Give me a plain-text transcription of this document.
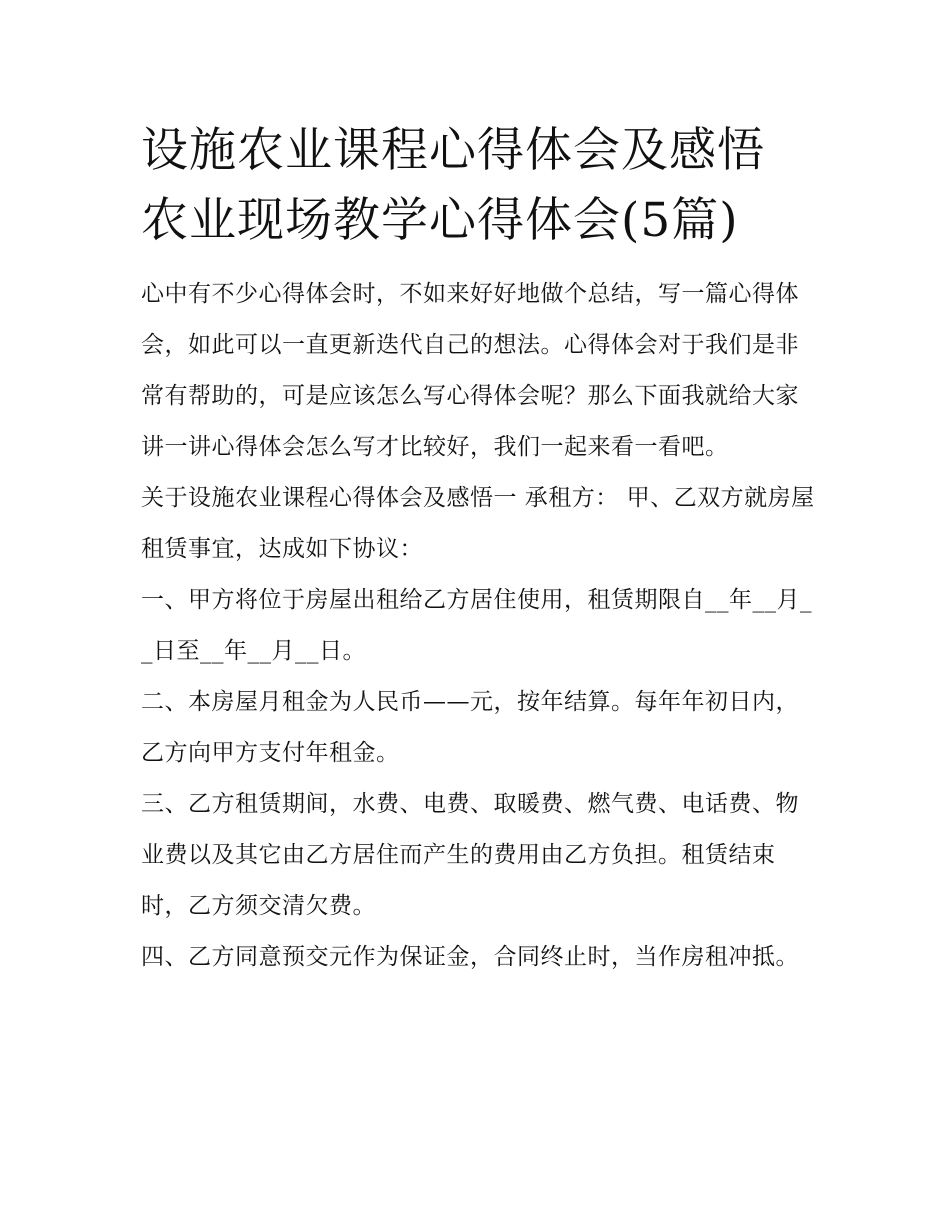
设施农业课程心得体会及感悟
农业现场教学心得体会(5篇)

心中有不少心得体会时，不如来好好地做个总结，写一篇心得体会，如此可以一直更新迭代自己的想法。心得体会对于我们是非常有帮助的，可是应该怎么写心得体会呢？那么下面我就给大家讲一讲心得体会怎么写才比较好，我们一起来看一看吧。

关于设施农业课程心得体会及感悟一 承租方： 甲、乙双方就房屋租赁事宜，达成如下协议：

一、甲方将位于房屋出租给乙方居住使用，租赁期限自__年__月__日至__年__月__日。

二、本房屋月租金为人民币——元，按年结算。每年年初日内，乙方向甲方支付年租金。

三、乙方租赁期间，水费、电费、取暖费、燃气费、电话费、物业费以及其它由乙方居住而产生的费用由乙方负担。租赁结束时，乙方须交清欠费。

四、乙方同意预交元作为保证金，合同终止时，当作房租冲抵。
